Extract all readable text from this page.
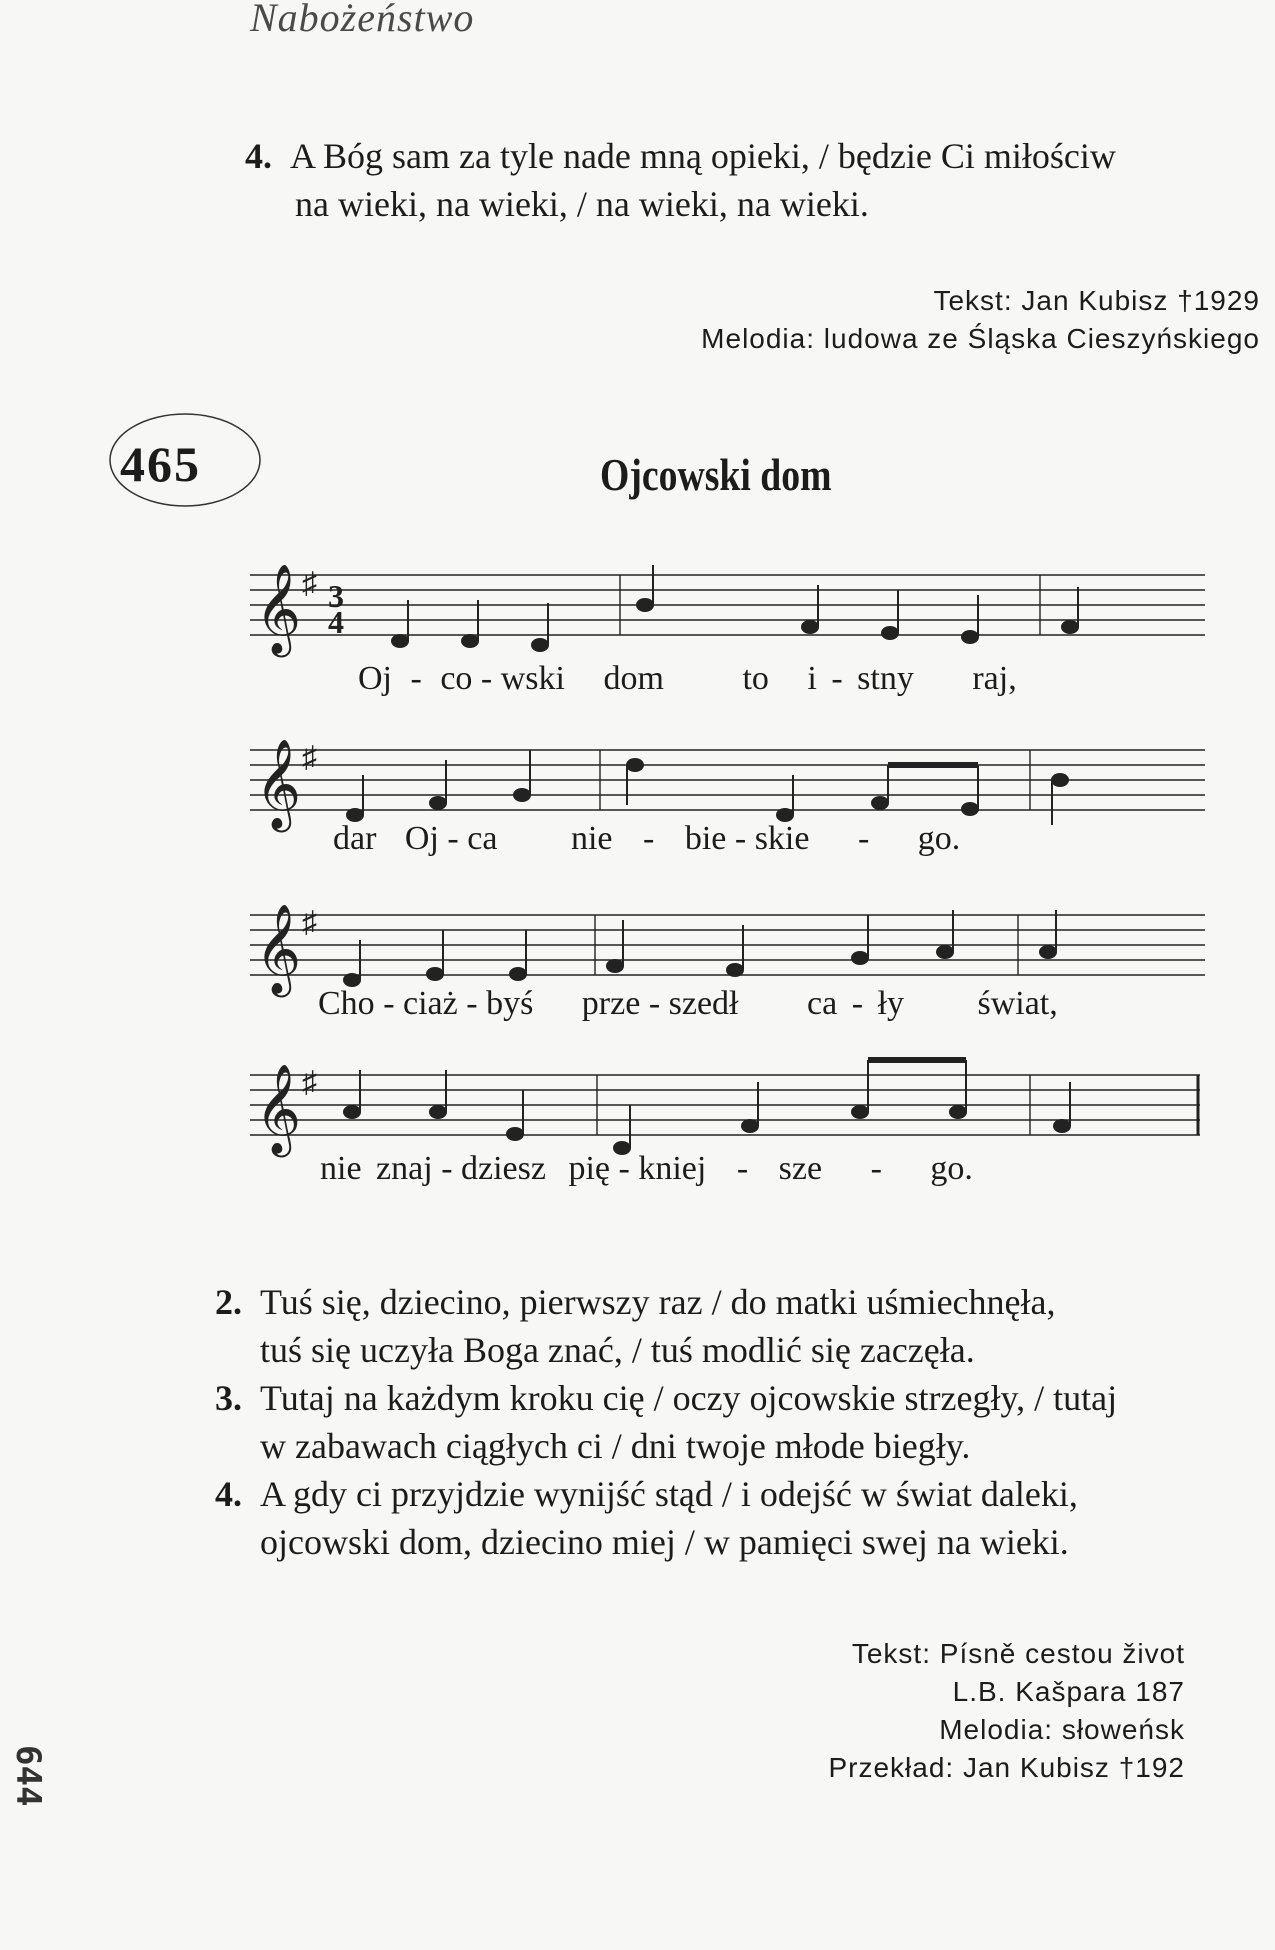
Nabożeństwo
4. A Bóg sam za tyle nade mną opieki, / będzie Ci miłościw
na wieki, na wieki, / na wieki, na wieki.
Tekst: Jan Kubisz †1929
Melodia: ludowa ze Śląska Cieszyńskiego
465	Ojcowski dom
𝄞 ♯ 3
4
Oj - co - wski dom to i - stny raj,
𝄞 ♯
dar Oj - ca nie - bie - skie - go.
𝄞 ♯
Cho - ciaż - byś prze - szedł ca - ły świat,
𝄞 ♯
nie znaj - dziesz pię - kniej - sze - go.
2. Tuś się, dziecino, pierwszy raz / do matki uśmiechnęła,
tuś się uczyła Boga znać, / tuś modlić się zaczęła.
3. Tutaj na każdym kroku cię / oczy ojcowskie strzegły, / tutaj
w zabawach ciągłych ci / dni twoje młode biegły.
4. A gdy ci przyjdzie wynijść stąd / i odejść w świat daleki,
ojcowski dom, dziecino miej / w pamięci swej na wieki.
Tekst: Písně cestou život
L.B. Kašpara 187
Melodia: słoweńsk
Przekład: Jan Kubisz †192
644
